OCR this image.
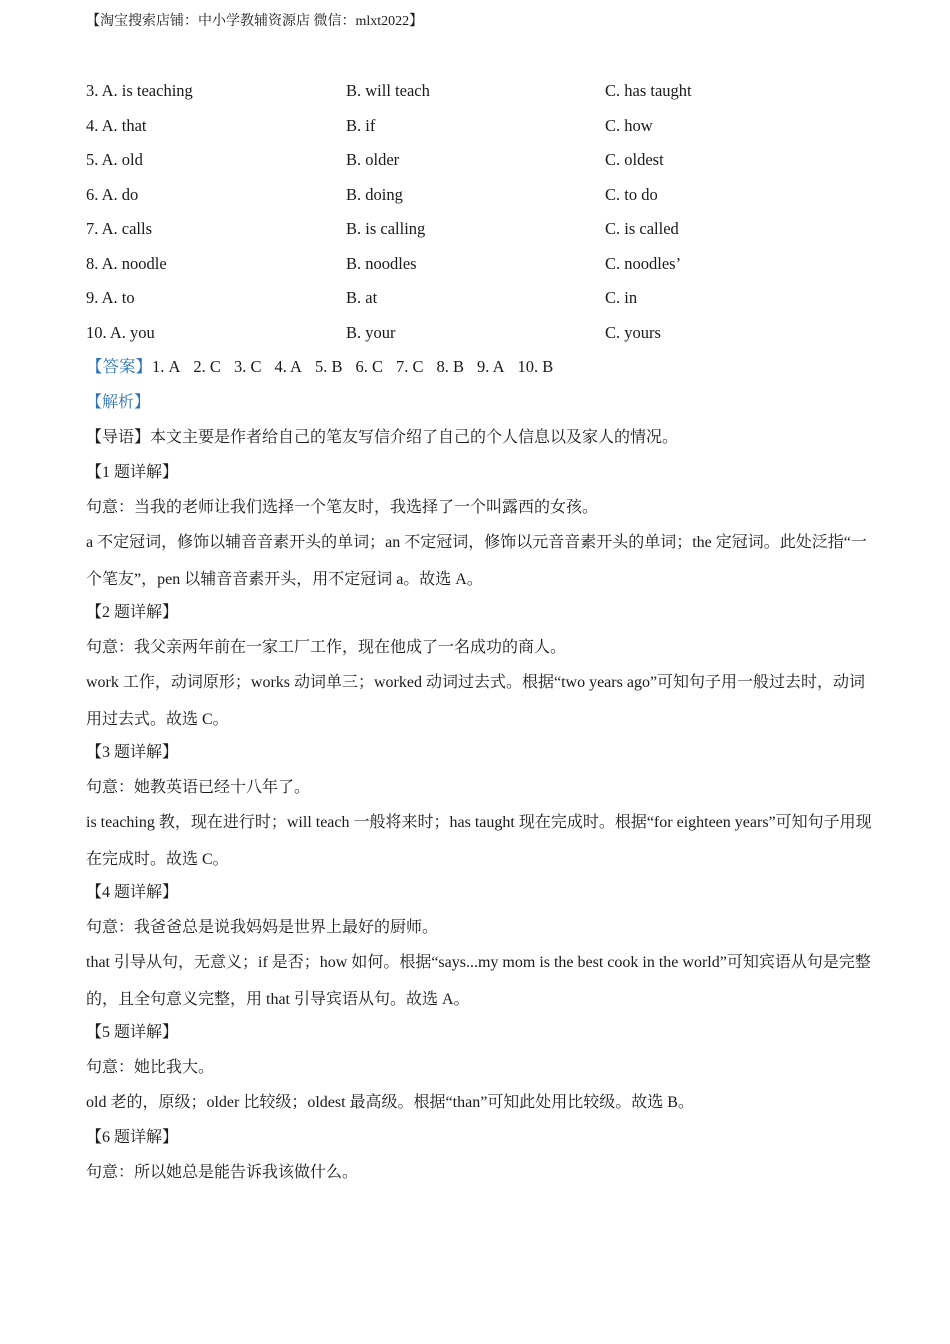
【淘宝搜索店铺：中小学教辅资源店 微信：mlxt2022】
3. A. is teaching	B. will teach	C. has taught
4. A. that	B. if	C. how
5. A. old	B. older	C. oldest
6. A. do	B. doing	C. to do
7. A. calls	B. is calling	C. is called
8. A. noodle	B. noodles	C. noodles’
9. A. to	B. at	C. in
10. A. you	B. your	C. yours
【答案】1. A 2. C 3. C 4. A 5. B 6. C 7. C 8. B 9. A 10. B
【解析】
【导语】本文主要是作者给自己的笔友写信介绍了自己的个人信息以及家人的情况。
【1 题详解】
句意：当我的老师让我们选择一个笔友时，我选择了一个叫露西的女孩。
a 不定冠词，修饰以辅音音素开头的单词；an 不定冠词，修饰以元音音素开头的单词；the 定冠词。此处泛指“一个笔友”，pen 以辅音音素开头，用不定冠词 a。故选 A。
【2 题详解】
句意：我父亲两年前在一家工厂工作，现在他成了一名成功的商人。
work 工作，动词原形；works 动词单三；worked 动词过去式。根据“two years ago”可知句子用一般过去时，动词用过去式。故选 C。
【3 题详解】
句意：她教英语已经十八年了。
is teaching 教，现在进行时；will teach 一般将来时；has taught 现在完成时。根据“for eighteen years”可知句子用现在完成时。故选 C。
【4 题详解】
句意：我爸爸总是说我妈妈是世界上最好的厨师。
that 引导从句，无意义；if 是否；how 如何。根据“says...my mom is the best cook in the world”可知宾语从句是完整的，且全句意义完整，用 that 引导宾语从句。故选 A。
【5 题详解】
句意：她比我大。
old 老的，原级；older 比较级；oldest 最高级。根据“than”可知此处用比较级。故选 B。
【6 题详解】
句意：所以她总是能告诉我该做什么。
